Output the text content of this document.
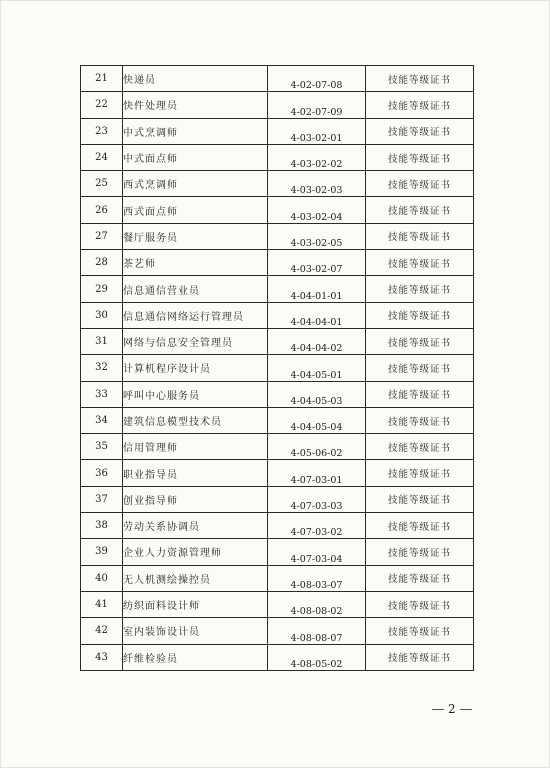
21	快递员	4-02-07-08	技能等级证书
22	快件处理员	4-02-07-09	技能等级证书
23	中式烹调师	4-03-02-01	技能等级证书
24	中式面点师	4-03-02-02	技能等级证书
25	西式烹调师	4-03-02-03	技能等级证书
26	西式面点师	4-03-02-04	技能等级证书
27	餐厅服务员	4-03-02-05	技能等级证书
28	茶艺师	4-03-02-07	技能等级证书
29	信息通信营业员	4-04-01-01	技能等级证书
30	信息通信网络运行管理员	4-04-04-01	技能等级证书
31	网络与信息安全管理员	4-04-04-02	技能等级证书
32	计算机程序设计员	4-04-05-01	技能等级证书
33	呼叫中心服务员	4-04-05-03	技能等级证书
34	建筑信息模型技术员	4-04-05-04	技能等级证书
35	信用管理师	4-05-06-02	技能等级证书
36	职业指导员	4-07-03-01	技能等级证书
37	创业指导师	4-07-03-03	技能等级证书
38	劳动关系协调员	4-07-03-02	技能等级证书
39	企业人力资源管理师	4-07-03-04	技能等级证书
40	无人机测绘操控员	4-08-03-07	技能等级证书
41	纺织面料设计师	4-08-08-02	技能等级证书
42	室内装饰设计员	4-08-08-07	技能等级证书
43	纤维检验员	4-08-05-02	技能等级证书
2
